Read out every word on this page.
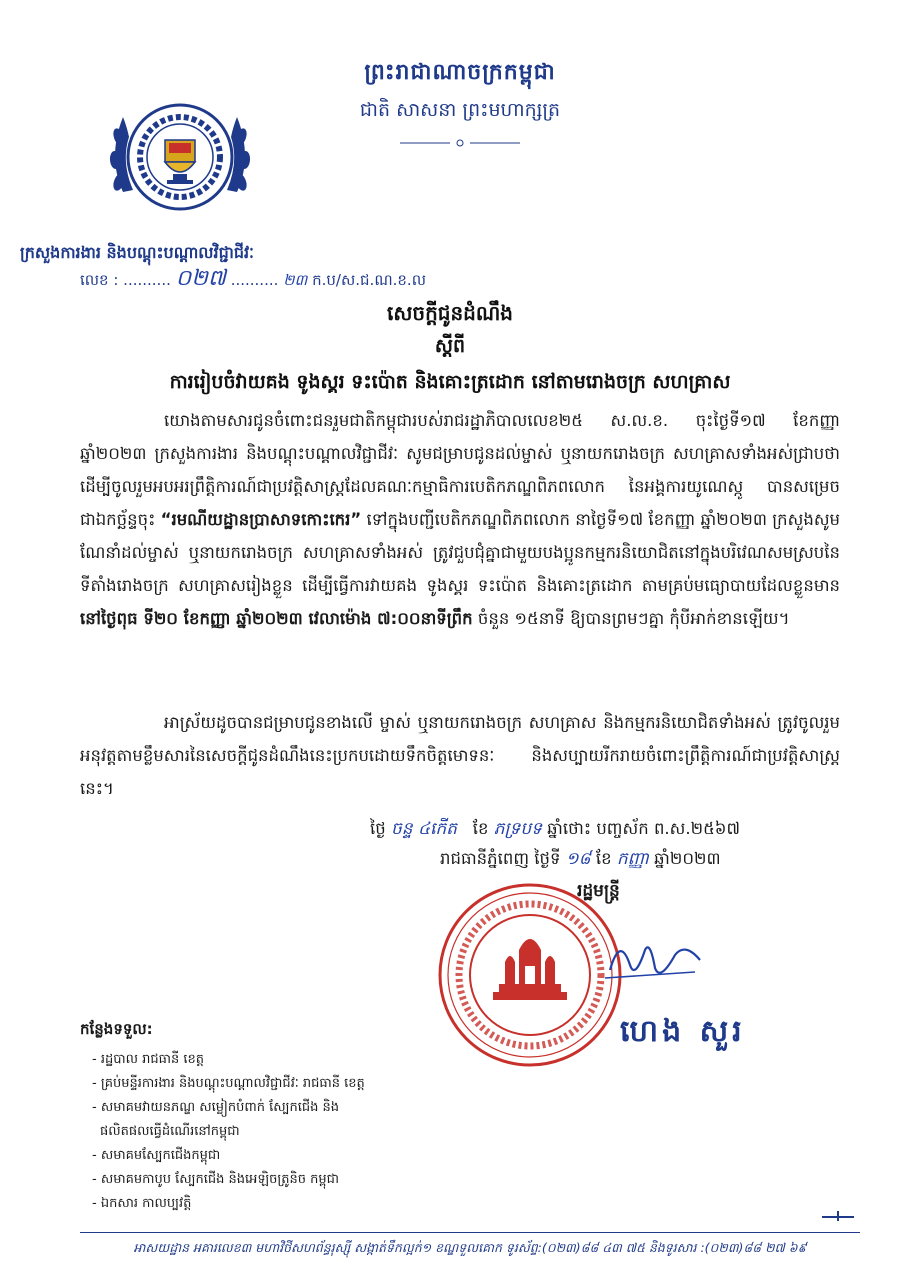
ព្រះរាជាណាចក្រកម្ពុជា
ជាតិ សាសនា ព្រះមហាក្សត្រ
ក្រសួងការងារ និងបណ្តុះបណ្តាលវិជ្ជាជីវៈ
លេខ : .......... ០២៧ .......... ២៣ ក.ប/ស.ជ.ណ.ខ.ល
សេចក្តីជូនដំណឹង
ស្តីពី
ការរៀបចំវាយគង ទូងស្គរ ទះប៉ោត និងគោះត្រដោក នៅតាមរោងចក្រ សហគ្រាស
យោងតាមសារជូនចំពោះជនរួមជាតិកម្ពុជារបស់រាជរដ្ឋាភិបាលលេខ២៥ ស.ល.ខ. ចុះថ្ងៃទី១៧ ខែកញ្ញា ឆ្នាំ២០២៣ ក្រសួងការងារ និងបណ្តុះបណ្តាលវិជ្ជាជីវៈ សូមជម្រាបជូនដល់ម្ចាស់ ឬនាយករោងចក្រ សហគ្រាសទាំងអស់ជ្រាបថា ដើម្បីចូលរួមអបអរព្រឹត្តិការណ៍ជាប្រវត្តិសាស្ត្រដែលគណៈកម្មាធិការបេតិកភណ្ឌពិភពលោក នៃអង្គការយូណេស្កូ បានសម្រេចជាឯកច្ឆ័ន្ទចុះ “រមណីយដ្ឋានប្រាសាទកោះកេរ” ទៅក្នុងបញ្ជីបេតិកភណ្ឌពិភពលោក នាថ្ងៃទី១៧ ខែកញ្ញា ឆ្នាំ២០២៣ ក្រសួងសូមណែនាំដល់ម្ចាស់ ឬនាយករោងចក្រ សហគ្រាសទាំងអស់ ត្រូវជួបជុំគ្នាជាមួយបងប្អូនកម្មករនិយោជិតនៅក្នុងបរិវេណសមស្របនៃទីតាំងរោងចក្រ សហគ្រាសរៀងខ្លួន ដើម្បីធ្វើការវាយគង ទូងស្គរ ទះប៉ោត និងគោះត្រដោក តាមគ្រប់មធ្យោបាយដែលខ្លួនមាន នៅថ្ងៃពុធ ទី២០ ខែកញ្ញា ឆ្នាំ២០២៣ វេលាម៉ោង ៧:០០នាទីព្រឹក ចំនួន ១៥នាទី ឱ្យបានព្រមៗគ្នា កុំបីអាក់ខានឡើយ។
អាស្រ័យដូចបានជម្រាបជូនខាងលើ ម្ចាស់ ឬនាយករោងចក្រ សហគ្រាស និងកម្មករនិយោជិតទាំងអស់ ត្រូវចូលរួមអនុវត្តតាមខ្លឹមសារនៃសេចក្តីជូនដំណឹងនេះប្រកបដោយទឹកចិត្តមោទនៈ និងសប្បាយរីករាយចំពោះព្រឹត្តិការណ៍ជាប្រវត្តិសាស្ត្រនេះ។
ថ្ងៃ ចន្ទ ៤កើត ខែ ភទ្របទ ឆ្នាំថោះ បញ្ចស័ក ព.ស.២៥៦៧
រាជធានីភ្នំពេញ ថ្ងៃទី ១៨ ខែ កញ្ញា ឆ្នាំ២០២៣
រដ្ឋមន្ត្រី
ហេង សួរ
កន្លែងទទួល:
- រដ្ឋបាល រាជធានី ខេត្ត
- គ្រប់មន្ទីរការងារ និងបណ្តុះបណ្តាលវិជ្ជាជីវៈ រាជធានី ខេត្ត
- សមាគមវាយនភណ្ឌ សម្លៀកបំពាក់ ស្បែកជើង និង
ផលិតផលធ្វើដំណើរនៅកម្ពុជា
- សមាគមស្បែកជើងកម្ពុជា
- សមាគមកាបូប ស្បែកជើង និងអេឡិចត្រូនិច កម្ពុជា
- ឯកសារ កាលប្បវត្តិ
អាសយដ្ឋាន អគារលេខ៣ មហាវិថីសហព័ន្ធរុស្ស៊ី សង្កាត់ទឹកល្អក់១ ខណ្ឌទួលគោក ទូរស័ព្ទ:(០២៣)៨៨ ៤៣ ៧៥ និងទូរសារ :(០២៣)៨៨ ២៧ ៦៩
